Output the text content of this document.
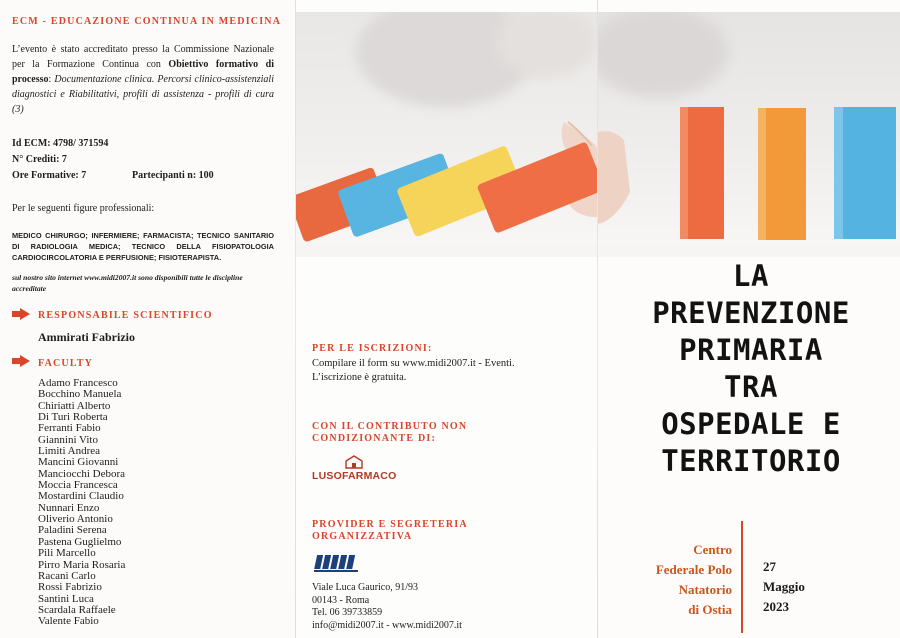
ECM - EDUCAZIONE CONTINUA IN MEDICINA

L’evento è stato accreditato presso la Commissione Nazionale per la Formazione Continua con Obiettivo formativo di processo: Documentazione clinica. Percorsi clinico-assistenziali diagnostici e Riabilitativi, profili di assistenza - profili di cura (3)

Id ECM: 4798/ 371594
N° Crediti: 7
Ore Formative: 7	Partecipanti n: 100
Per le seguenti figure professionali:
MEDICO CHIRURGO; INFERMIERE; FARMACISTA; TECNICO SANITARIO DI RADIOLOGIA MEDICA; TECNICO DELLA FISIOPATOLOGIA CARDIOCIRCOLATORIA E PERFUSIONE; FISIOTERAPISTA.
sul nostro sito internet www.midi2007.it sono disponibili tutte le discipline accreditate
RESPONSABILE SCIENTIFICO
Ammirati Fabrizio
FACULTY
Adamo Francesco
Bocchino Manuela
Chiriatti Alberto
Di Turi Roberta
Ferranti Fabio
Giannini Vito
Limiti Andrea
Mancini Giovanni
Manciocchi Debora
Moccia Francesca
Mostardini Claudio
Nunnari Enzo
Oliverio Antonio
Paladini Serena
Pastena Guglielmo
Pili Marcello
Pirro Maria Rosaria
Racani Carlo
Rossi Fabrizio
Santini Luca
Scardala Raffaele
Valente Fabio
PER LE ISCRIZIONI:
Compilare il form su www.midi2007.it - Eventi.
L’iscrizione è gratuita.
CON IL CONTRIBUTO NON CONDIZIONANTE DI:
LUSOFARMACO
PROVIDER E SEGRETERIA ORGANIZZATIVA
Viale Luca Gaurico, 91/93
00143 - Roma
Tel. 06 39733859
info@midi2007.it - www.midi2007.it
LA
PREVENZIONE
PRIMARIA
TRA
OSPEDALE E
TERRITORIO
Centro
Federale Polo
Natatorio
di Ostia
27
Maggio
2023
